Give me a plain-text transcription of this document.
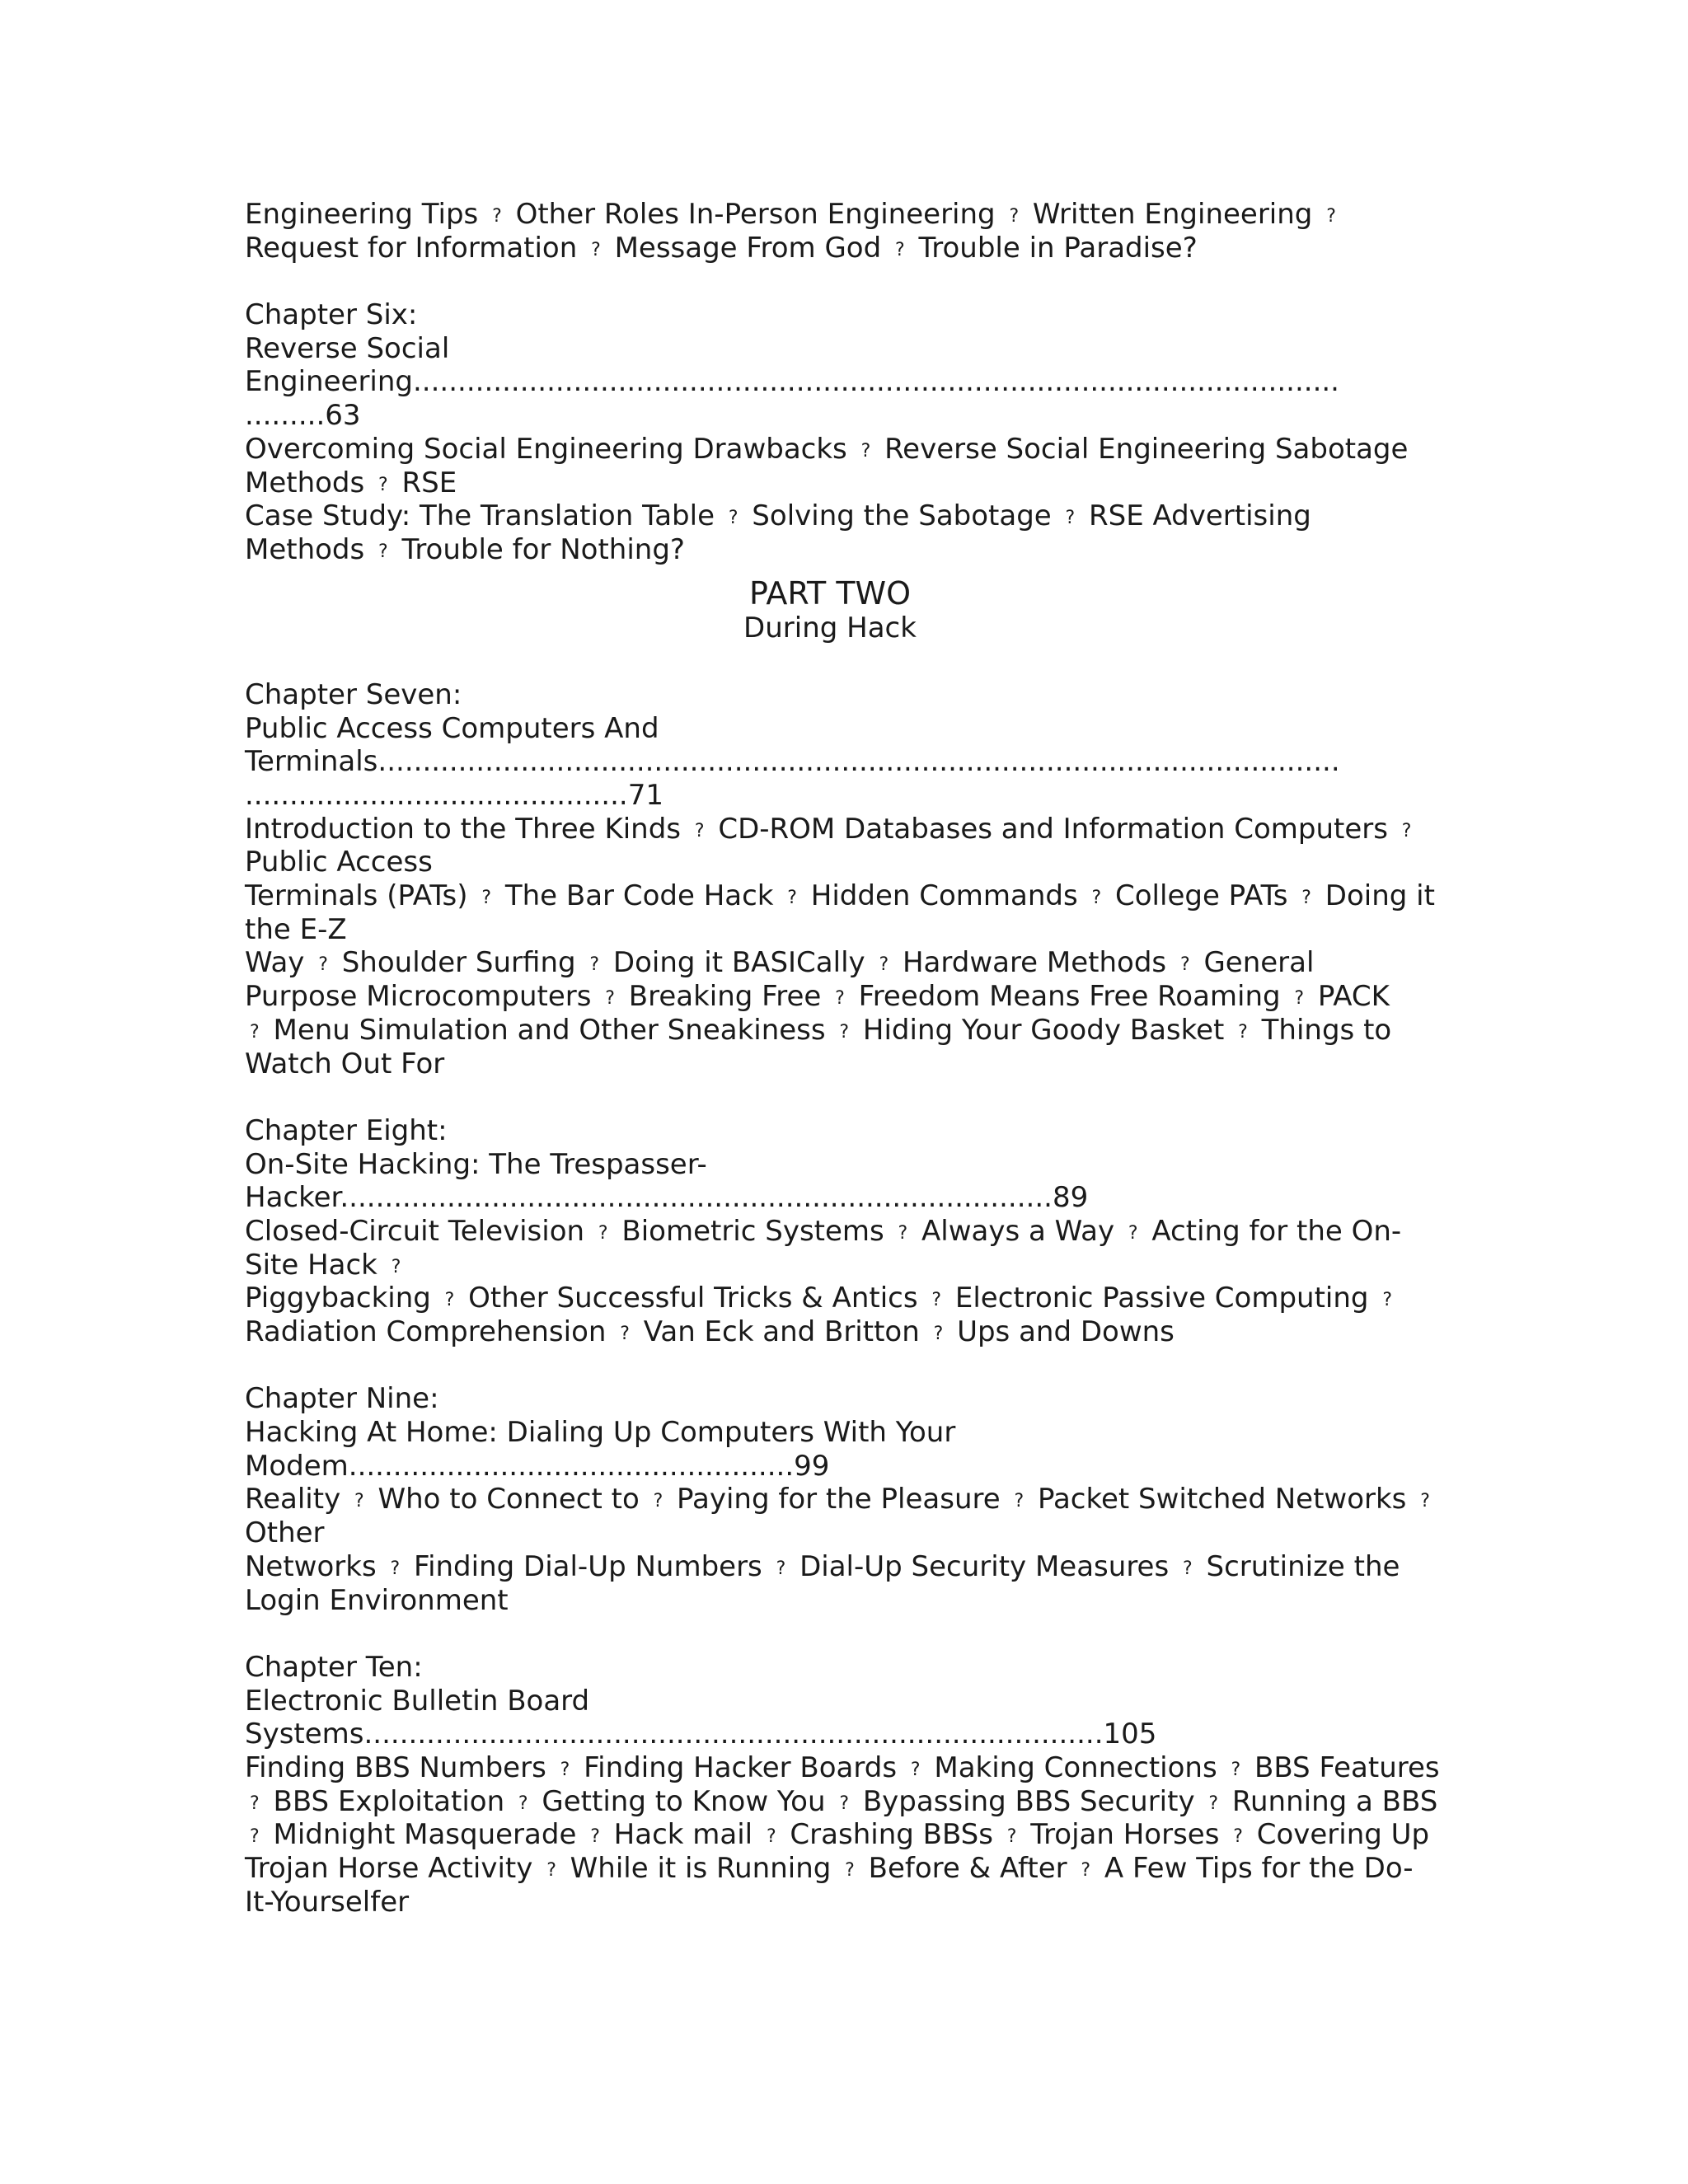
Engineering Tips ? Other Roles In-Person Engineering ? Written Engineering ?
Request for Information ? Message From God ? Trouble in Paradise?
Chapter Six:
Reverse Social
Engineering........................................................................................................
.........63
Overcoming Social Engineering Drawbacks ? Reverse Social Engineering Sabotage
Methods ? RSE
Case Study: The Translation Table ? Solving the Sabotage ? RSE Advertising
Methods ? Trouble for Nothing?
PART TWO
During Hack
Chapter Seven:
Public Access Computers And
Terminals............................................................................................................
...........................................71
Introduction to the Three Kinds ? CD-ROM Databases and Information Computers ?
Public Access
Terminals (PATs) ? The Bar Code Hack ? Hidden Commands ? College PATs ? Doing it
the E-Z
Way ? Shoulder Surfing ? Doing it BASICally ? Hardware Methods ? General
Purpose Microcomputers ? Breaking Free ? Freedom Means Free Roaming ? PACK
? Menu Simulation and Other Sneakiness ? Hiding Your Goody Basket ? Things to
Watch Out For
Chapter Eight:
On-Site Hacking: The Trespasser-
Hacker................................................................................89
Closed-Circuit Television ? Biometric Systems ? Always a Way ? Acting for the On-
Site Hack ?
Piggybacking ? Other Successful Tricks & Antics ? Electronic Passive Computing ?
Radiation Comprehension ? Van Eck and Britton ? Ups and Downs
Chapter Nine:
Hacking At Home: Dialing Up Computers With Your
Modem..................................................99
Reality ? Who to Connect to ? Paying for the Pleasure ? Packet Switched Networks ?
Other
Networks ? Finding Dial-Up Numbers ? Dial-Up Security Measures ? Scrutinize the
Login Environment
Chapter Ten:
Electronic Bulletin Board
Systems...................................................................................105
Finding BBS Numbers ? Finding Hacker Boards ? Making Connections ? BBS Features
? BBS Exploitation ? Getting to Know You ? Bypassing BBS Security ? Running a BBS
? Midnight Masquerade ? Hack mail ? Crashing BBSs ? Trojan Horses ? Covering Up
Trojan Horse Activity ? While it is Running ? Before & After ? A Few Tips for the Do-
It-Yourselfer
